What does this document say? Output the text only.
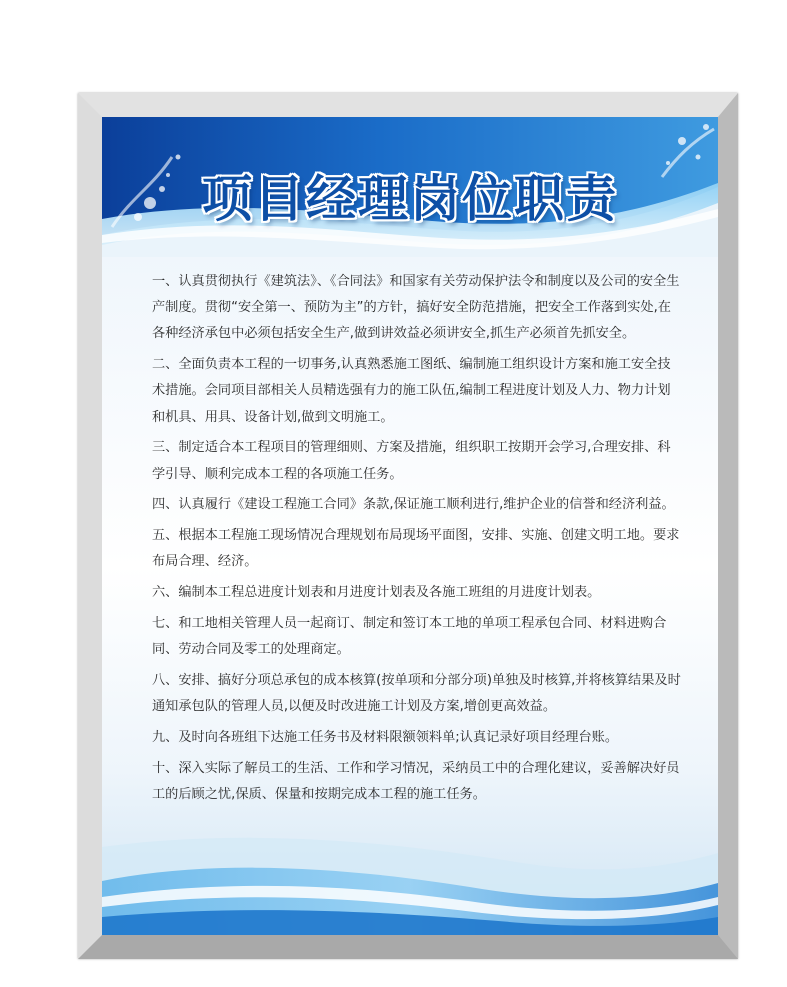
项目经理岗位职责
一、认真贯彻执行《建筑法》、《合同法》和国家有关劳动保护法令和制度以及公司的安全生产制度。贯彻“安全第一、预防为主”的方针，搞好安全防范措施，把安全工作落到实处,在各种经济承包中必须包括安全生产,做到讲效益必须讲安全,抓生产必须首先抓安全。
二、全面负责本工程的一切事务,认真熟悉施工图纸、编制施工组织设计方案和施工安全技术措施。会同项目部相关人员精选强有力的施工队伍,编制工程进度计划及人力、物力计划和机具、用具、设备计划,做到文明施工。
三、制定适合本工程项目的管理细则、方案及措施，组织职工按期开会学习,合理安排、科学引导、顺利完成本工程的各项施工任务。
四、认真履行《建设工程施工合同》条款,保证施工顺利进行,维护企业的信誉和经济利益。
五、根据本工程施工现场情况合理规划布局现场平面图，安排、实施、创建文明工地。要求布局合理、经济。
六、编制本工程总进度计划表和月进度计划表及各施工班组的月进度计划表。
七、和工地相关管理人员一起商订、制定和签订本工地的单项工程承包合同、材料进购合同、劳动合同及零工的处理商定。
八、安排、搞好分项总承包的成本核算(按单项和分部分项)单独及时核算,并将核算结果及时通知承包队的管理人员,以便及时改进施工计划及方案,增创更高效益。
九、及时向各班组下达施工任务书及材料限额领料单;认真记录好项目经理台账。
十、深入实际了解员工的生活、工作和学习情况，采纳员工中的合理化建议，妥善解决好员工的后顾之忧,保质、保量和按期完成本工程的施工任务。
